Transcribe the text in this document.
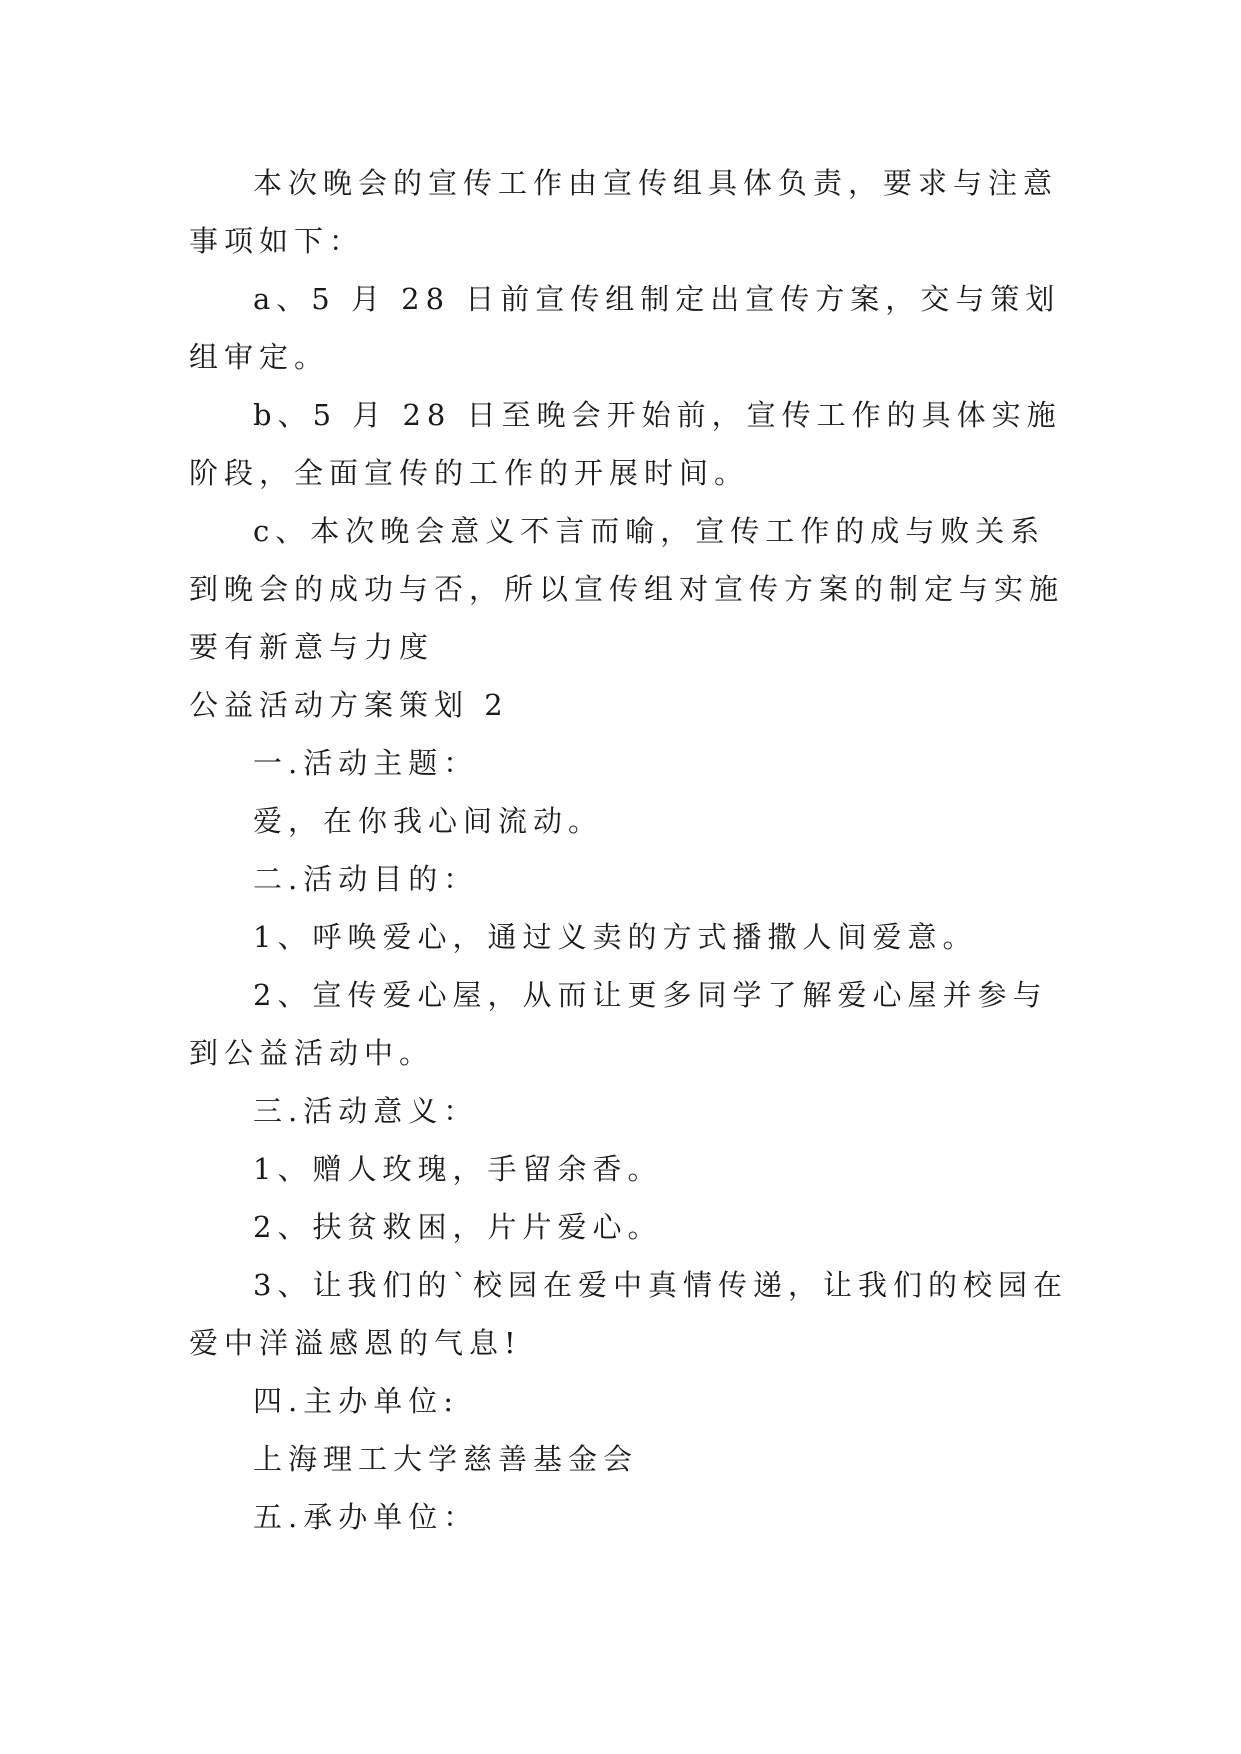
本次晚会的宣传工作由宣传组具体负责，要求与注意事项如下：

a、5 月 28 日前宣传组制定出宣传方案，交与策划组审定。

b、5 月 28 日至晚会开始前，宣传工作的具体实施阶段，全面宣传的工作的开展时间。

c、本次晚会意义不言而喻，宣传工作的成与败关系到晚会的成功与否，所以宣传组对宣传方案的制定与实施要有新意与力度

公益活动方案策划 2

一.活动主题：

爱，在你我心间流动。

二.活动目的：

1、呼唤爱心，通过义卖的方式播撒人间爱意。

2、宣传爱心屋，从而让更多同学了解爱心屋并参与到公益活动中。

三.活动意义：

1、赠人玫瑰，手留余香。

2、扶贫救困，片片爱心。

3、让我们的`校园在爱中真情传递，让我们的校园在爱中洋溢感恩的气息!

四.主办单位:

上海理工大学慈善基金会

五.承办单位：
